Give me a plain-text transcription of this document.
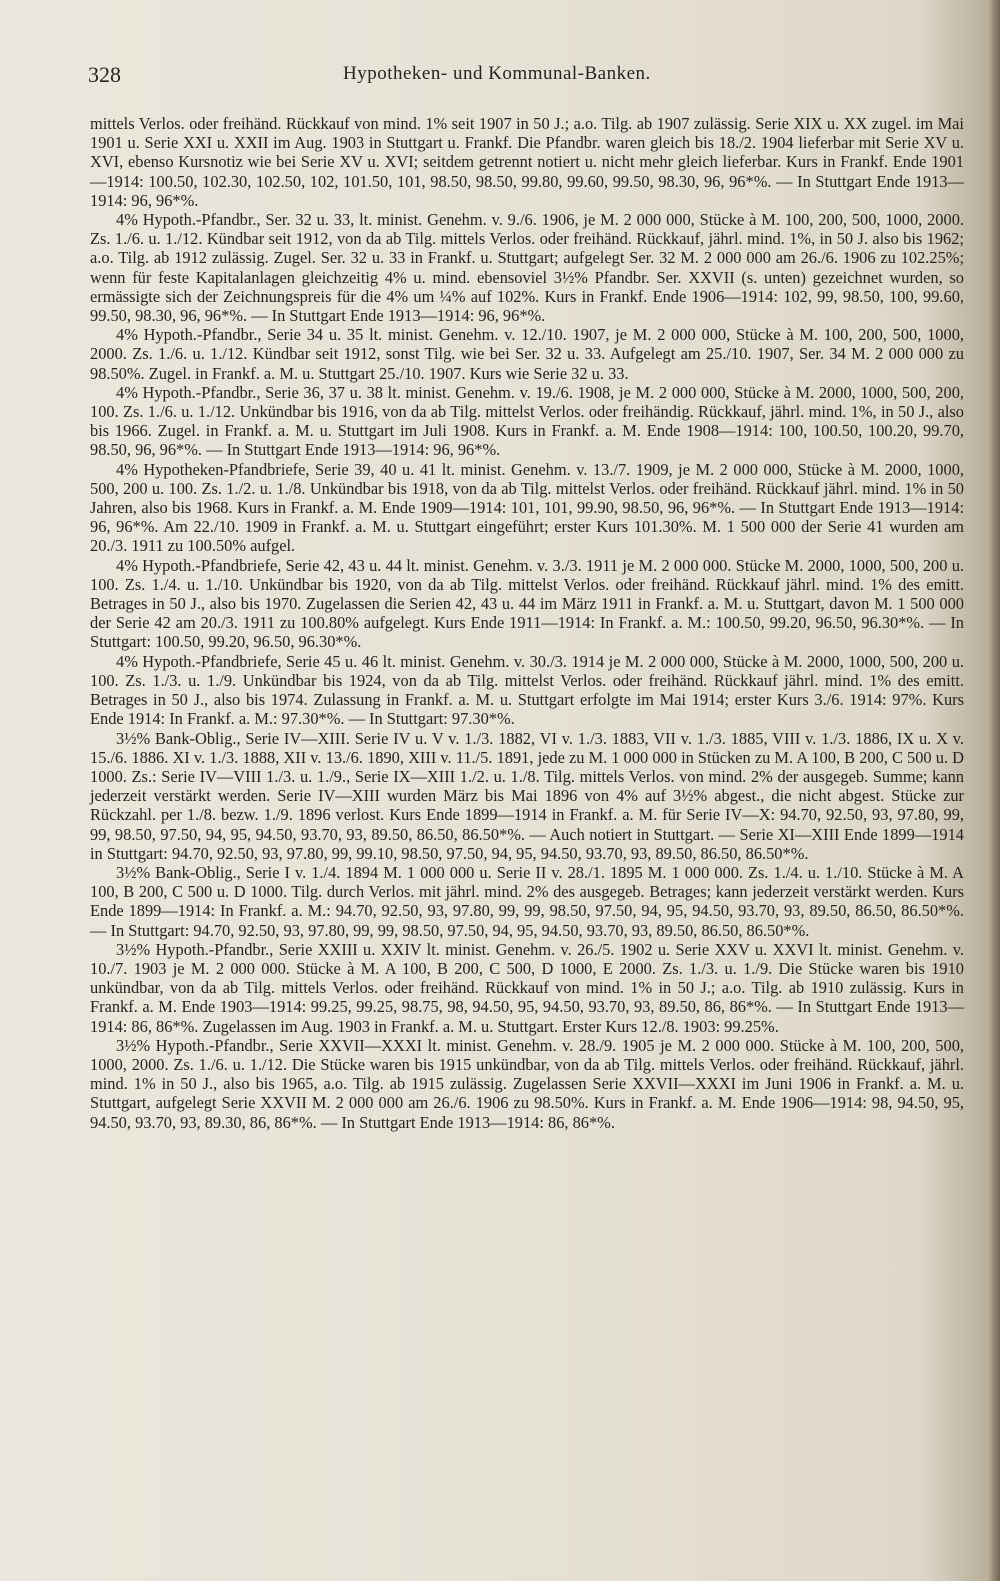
328	Hypotheken- und Kommunal-Banken.

mittels Verlos. oder freihänd. Rückkauf von mind. 1% seit 1907 in 50 J.; a.o. Tilg. ab 1907 zulässig. Serie XIX u. XX zugel. im Mai 1901 u. Serie XXI u. XXII im Aug. 1903 in Stuttgart u. Frankf. Die Pfandbr. waren gleich bis 18./2. 1904 lieferbar mit Serie XV u. XVI, ebenso Kursnotiz wie bei Serie XV u. XVI; seitdem getrennt notiert u. nicht mehr gleich lieferbar. Kurs in Frankf. Ende 1901—1914: 100.50, 102.30, 102.50, 102, 101.50, 101, 98.50, 98.50, 99.80, 99.60, 99.50, 98.30, 96, 96*%. — In Stuttgart Ende 1913—1914: 96, 96*%.

4% Hypoth.-Pfandbr., Ser. 32 u. 33, lt. minist. Genehm. v. 9./6. 1906, je M. 2 000 000, Stücke à M. 100, 200, 500, 1000, 2000. Zs. 1./6. u. 1./12. Kündbar seit 1912, von da ab Tilg. mittels Verlos. oder freihänd. Rückkauf, jährl. mind. 1%, in 50 J. also bis 1962; a.o. Tilg. ab 1912 zulässig. Zugel. Ser. 32 u. 33 in Frankf. u. Stuttgart; aufgelegt Ser. 32 M. 2 000 000 am 26./6. 1906 zu 102.25%; wenn für feste Kapitalanlagen gleichzeitig 4% u. mind. ebensoviel 3½% Pfandbr. Ser. XXVII (s. unten) gezeichnet wurden, so ermässigte sich der Zeichnungspreis für die 4% um ¼% auf 102%. Kurs in Frankf. Ende 1906—1914: 102, 99, 98.50, 100, 99.60, 99.50, 98.30, 96, 96*%. — In Stuttgart Ende 1913—1914: 96, 96*%.

4% Hypoth.-Pfandbr., Serie 34 u. 35 lt. minist. Genehm. v. 12./10. 1907, je M. 2 000 000, Stücke à M. 100, 200, 500, 1000, 2000. Zs. 1./6. u. 1./12. Kündbar seit 1912, sonst Tilg. wie bei Ser. 32 u. 33. Aufgelegt am 25./10. 1907, Ser. 34 M. 2 000 000 zu 98.50%. Zugel. in Frankf. a. M. u. Stuttgart 25./10. 1907. Kurs wie Serie 32 u. 33.

4% Hypoth.-Pfandbr., Serie 36, 37 u. 38 lt. minist. Genehm. v. 19./6. 1908, je M. 2 000 000, Stücke à M. 2000, 1000, 500, 200, 100. Zs. 1./6. u. 1./12. Unkündbar bis 1916, von da ab Tilg. mittelst Verlos. oder freihändig. Rückkauf, jährl. mind. 1%, in 50 J., also bis 1966. Zugel. in Frankf. a. M. u. Stuttgart im Juli 1908. Kurs in Frankf. a. M. Ende 1908—1914: 100, 100.50, 100.20, 99.70, 98.50, 96, 96*%. — In Stuttgart Ende 1913—1914: 96, 96*%.

4% Hypotheken-Pfandbriefe, Serie 39, 40 u. 41 lt. minist. Genehm. v. 13./7. 1909, je M. 2 000 000, Stücke à M. 2000, 1000, 500, 200 u. 100. Zs. 1./2. u. 1./8. Unkündbar bis 1918, von da ab Tilg. mittelst Verlos. oder freihänd. Rückkauf jährl. mind. 1% in 50 Jahren, also bis 1968. Kurs in Frankf. a. M. Ende 1909—1914: 101, 101, 99.90, 98.50, 96, 96*%. — In Stuttgart Ende 1913—1914: 96, 96*%. Am 22./10. 1909 in Frankf. a. M. u. Stuttgart eingeführt; erster Kurs 101.30%. M. 1 500 000 der Serie 41 wurden am 20./3. 1911 zu 100.50% aufgel.

4% Hypoth.-Pfandbriefe, Serie 42, 43 u. 44 lt. minist. Genehm. v. 3./3. 1911 je M. 2 000 000. Stücke M. 2000, 1000, 500, 200 u. 100. Zs. 1./4. u. 1./10. Unkündbar bis 1920, von da ab Tilg. mittelst Verlos. oder freihänd. Rückkauf jährl. mind. 1% des emitt. Betrages in 50 J., also bis 1970. Zugelassen die Serien 42, 43 u. 44 im März 1911 in Frankf. a. M. u. Stuttgart, davon M. 1 500 000 der Serie 42 am 20./3. 1911 zu 100.80% aufgelegt. Kurs Ende 1911—1914: In Frankf. a. M.: 100.50, 99.20, 96.50, 96.30*%. — In Stuttgart: 100.50, 99.20, 96.50, 96.30*%.

4% Hypoth.-Pfandbriefe, Serie 45 u. 46 lt. minist. Genehm. v. 30./3. 1914 je M. 2 000 000, Stücke à M. 2000, 1000, 500, 200 u. 100. Zs. 1./3. u. 1./9. Unkündbar bis 1924, von da ab Tilg. mittelst Verlos. oder freihänd. Rückkauf jährl. mind. 1% des emitt. Betrages in 50 J., also bis 1974. Zulassung in Frankf. a. M. u. Stuttgart erfolgte im Mai 1914; erster Kurs 3./6. 1914: 97%. Kurs Ende 1914: In Frankf. a. M.: 97.30*%. — In Stuttgart: 97.30*%.

3½% Bank-Oblig., Serie IV—XIII. Serie IV u. V v. 1./3. 1882, VI v. 1./3. 1883, VII v. 1./3. 1885, VIII v. 1./3. 1886, IX u. X v. 15./6. 1886. XI v. 1./3. 1888, XII v. 13./6. 1890, XIII v. 11./5. 1891, jede zu M. 1 000 000 in Stücken zu M. A 100, B 200, C 500 u. D 1000. Zs.: Serie IV—VIII 1./3. u. 1./9., Serie IX—XIII 1./2. u. 1./8. Tilg. mittels Verlos. von mind. 2% der ausgegeb. Summe; kann jederzeit verstärkt werden. Serie IV—XIII wurden März bis Mai 1896 von 4% auf 3½% abgest., die nicht abgest. Stücke zur Rückzahl. per 1./8. bezw. 1./9. 1896 verlost. Kurs Ende 1899—1914 in Frankf. a. M. für Serie IV—X: 94.70, 92.50, 93, 97.80, 99, 99, 98.50, 97.50, 94, 95, 94.50, 93.70, 93, 89.50, 86.50, 86.50*%. — Auch notiert in Stuttgart. — Serie XI—XIII Ende 1899—1914 in Stuttgart: 94.70, 92.50, 93, 97.80, 99, 99.10, 98.50, 97.50, 94, 95, 94.50, 93.70, 93, 89.50, 86.50, 86.50*%.

3½% Bank-Oblig., Serie I v. 1./4. 1894 M. 1 000 000 u. Serie II v. 28./1. 1895 M. 1 000 000. Zs. 1./4. u. 1./10. Stücke à M. A 100, B 200, C 500 u. D 1000. Tilg. durch Verlos. mit jährl. mind. 2% des ausgegeb. Betrages; kann jederzeit verstärkt werden. Kurs Ende 1899—1914: In Frankf. a. M.: 94.70, 92.50, 93, 97.80, 99, 99, 98.50, 97.50, 94, 95, 94.50, 93.70, 93, 89.50, 86.50, 86.50*%. — In Stuttgart: 94.70, 92.50, 93, 97.80, 99, 99, 98.50, 97.50, 94, 95, 94.50, 93.70, 93, 89.50, 86.50, 86.50*%.

3½% Hypoth.-Pfandbr., Serie XXIII u. XXIV lt. minist. Genehm. v. 26./5. 1902 u. Serie XXV u. XXVI lt. minist. Genehm. v. 10./7. 1903 je M. 2 000 000. Stücke à M. A 100, B 200, C 500, D 1000, E 2000. Zs. 1./3. u. 1./9. Die Stücke waren bis 1910 unkündbar, von da ab Tilg. mittels Verlos. oder freihänd. Rückkauf von mind. 1% in 50 J.; a.o. Tilg. ab 1910 zulässig. Kurs in Frankf. a. M. Ende 1903—1914: 99.25, 99.25, 98.75, 98, 94.50, 95, 94.50, 93.70, 93, 89.50, 86, 86*%. — In Stuttgart Ende 1913—1914: 86, 86*%. Zugelassen im Aug. 1903 in Frankf. a. M. u. Stuttgart. Erster Kurs 12./8. 1903: 99.25%.

3½% Hypoth.-Pfandbr., Serie XXVII—XXXI lt. minist. Genehm. v. 28./9. 1905 je M. 2 000 000. Stücke à M. 100, 200, 500, 1000, 2000. Zs. 1./6. u. 1./12. Die Stücke waren bis 1915 unkündbar, von da ab Tilg. mittels Verlos. oder freihänd. Rückkauf, jährl. mind. 1% in 50 J., also bis 1965, a.o. Tilg. ab 1915 zulässig. Zugelassen Serie XXVII—XXXI im Juni 1906 in Frankf. a. M. u. Stuttgart, aufgelegt Serie XXVII M. 2 000 000 am 26./6. 1906 zu 98.50%. Kurs in Frankf. a. M. Ende 1906—1914: 98, 94.50, 95, 94.50, 93.70, 93, 89.30, 86, 86*%. — In Stuttgart Ende 1913—1914: 86, 86*%.
